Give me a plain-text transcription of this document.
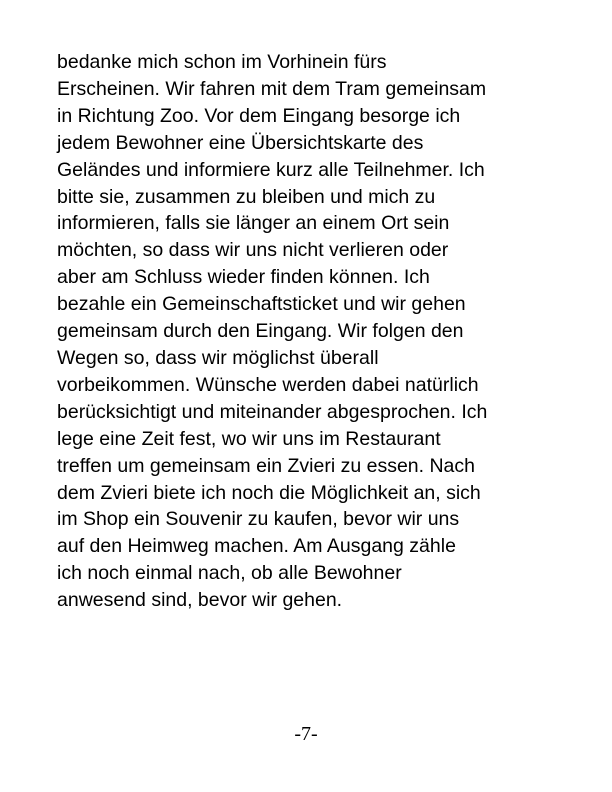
bedanke mich schon im Vorhinein fürs
Erscheinen. Wir fahren mit dem Tram gemeinsam
in Richtung Zoo. Vor dem Eingang besorge ich
jedem Bewohner eine Übersichtskarte des
Geländes und informiere kurz alle Teilnehmer. Ich
bitte sie, zusammen zu bleiben und mich zu
informieren, falls sie länger an einem Ort sein
möchten, so dass wir uns nicht verlieren oder
aber am Schluss wieder finden können. Ich
bezahle ein Gemeinschaftsticket und wir gehen
gemeinsam durch den Eingang. Wir folgen den
Wegen so, dass wir möglichst überall
vorbeikommen. Wünsche werden dabei natürlich
berücksichtigt und miteinander abgesprochen. Ich
lege eine Zeit fest, wo wir uns im Restaurant
treffen um gemeinsam ein Zvieri zu essen. Nach
dem Zvieri biete ich noch die Möglichkeit an, sich
im Shop ein Souvenir zu kaufen, bevor wir uns
auf den Heimweg machen. Am Ausgang zähle
ich noch einmal nach, ob alle Bewohner
anwesend sind, bevor wir gehen.

-7-
